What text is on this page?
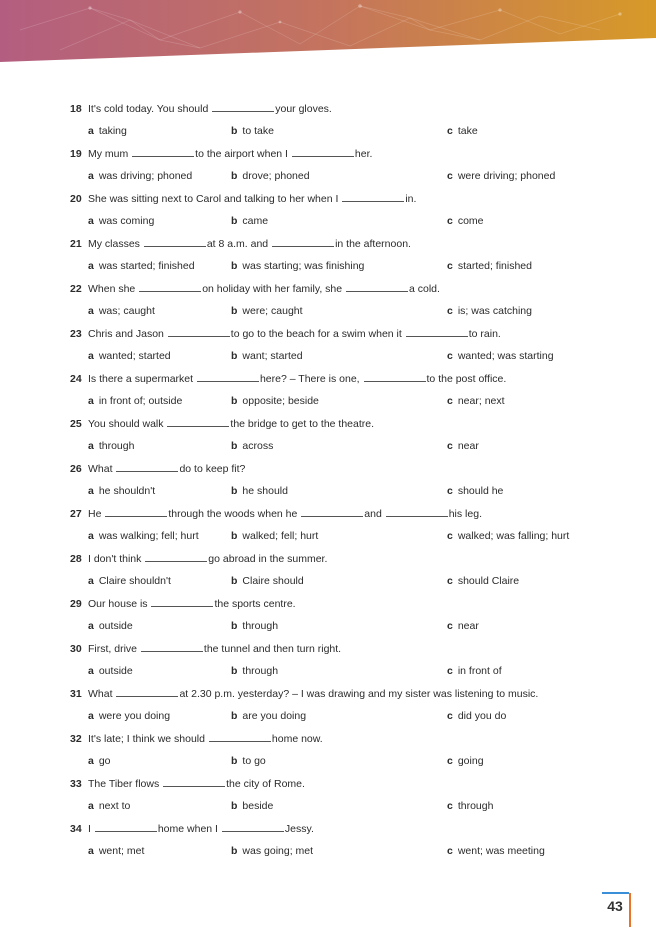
18 It's cold today. You should	your gloves.
a taking	b to take	c take
19 My mum	to the airport when I	her.
a was driving; phoned	b drove; phoned	c were driving; phoned
20 She was sitting next to Carol and talking to her when I	in.
a was coming	b came	c come
21 My classes	at 8 a.m. and	in the afternoon.
a was started; finished	b was starting; was finishing	c started; finished
22 When she	on holiday with her family, she	a cold.
a was; caught	b were; caught	c is; was catching
23 Chris and Jason	to go to the beach for a swim when it	to rain.
a wanted; started	b want; started	c wanted; was starting
24 Is there a supermarket	here? – There is one,	to the post office.
a in front of; outside	b opposite; beside	c near; next
25 You should walk	the bridge to get to the theatre.
a through	b across	c near
26 What	do to keep fit?
a he shouldn't	b he should	c should he
27 He	through the woods when he	and	his leg.
a was walking; fell; hurt	b walked; fell; hurt	c walked; was falling; hurt
28 I don't think	go abroad in the summer.
a Claire shouldn't	b Claire should	c should Claire
29 Our house is	the sports centre.
a outside	b through	c near
30 First, drive	the tunnel and then turn right.
a outside	b through	c in front of
31 What	at 2.30 p.m. yesterday? – I was drawing and my sister was listening to music.
a were you doing	b are you doing	c did you do
32 It's late; I think we should	home now.
a go	b to go	c going
33 The Tiber flows	the city of Rome.
a next to	b beside	c through
34 I	home when I	Jessy.
a went; met	b was going; met	c went; was meeting
43
